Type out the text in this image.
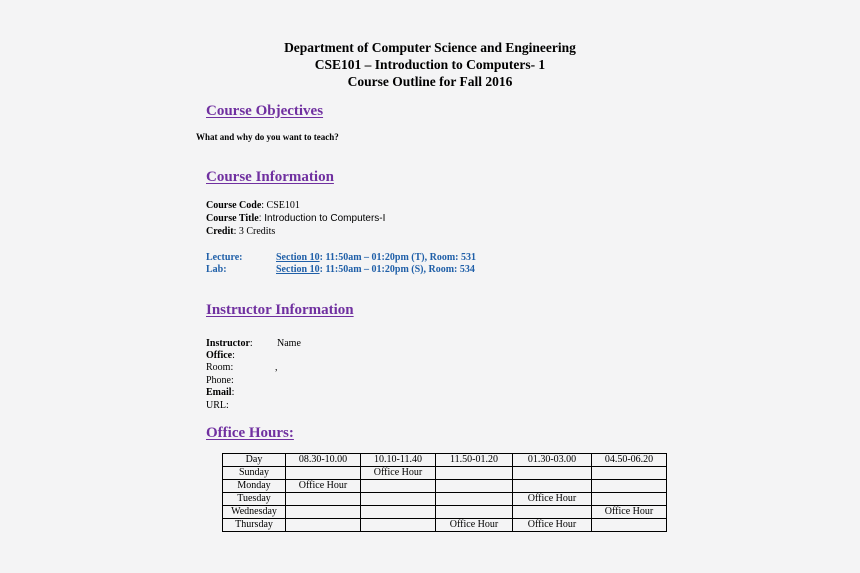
Department of Computer Science and Engineering
CSE101 – Introduction to Computers- 1
Course Outline for Fall 2016
Course Objectives
What and why do you want to teach?
Course Information
Course Code: CSE101
Course Title: Introduction to Computers-I
Credit: 3 Credits
Lecture:	Section 10: 11:50am – 01:20pm (T), Room: 531
Lab:	Section 10: 11:50am – 01:20pm (S), Room: 534
Instructor Information
Instructor: Name
Office:
Room:	,
Phone:
Email:
URL:
Office Hours:
Day	08.30-10.00	10.10-11.40	11.50-01.20	01.30-03.00	04.50-06.20
Sunday		Office Hour			
Monday	Office Hour				
Tuesday				Office Hour	
Wednesday					Office Hour
Thursday			Office Hour	Office Hour	
